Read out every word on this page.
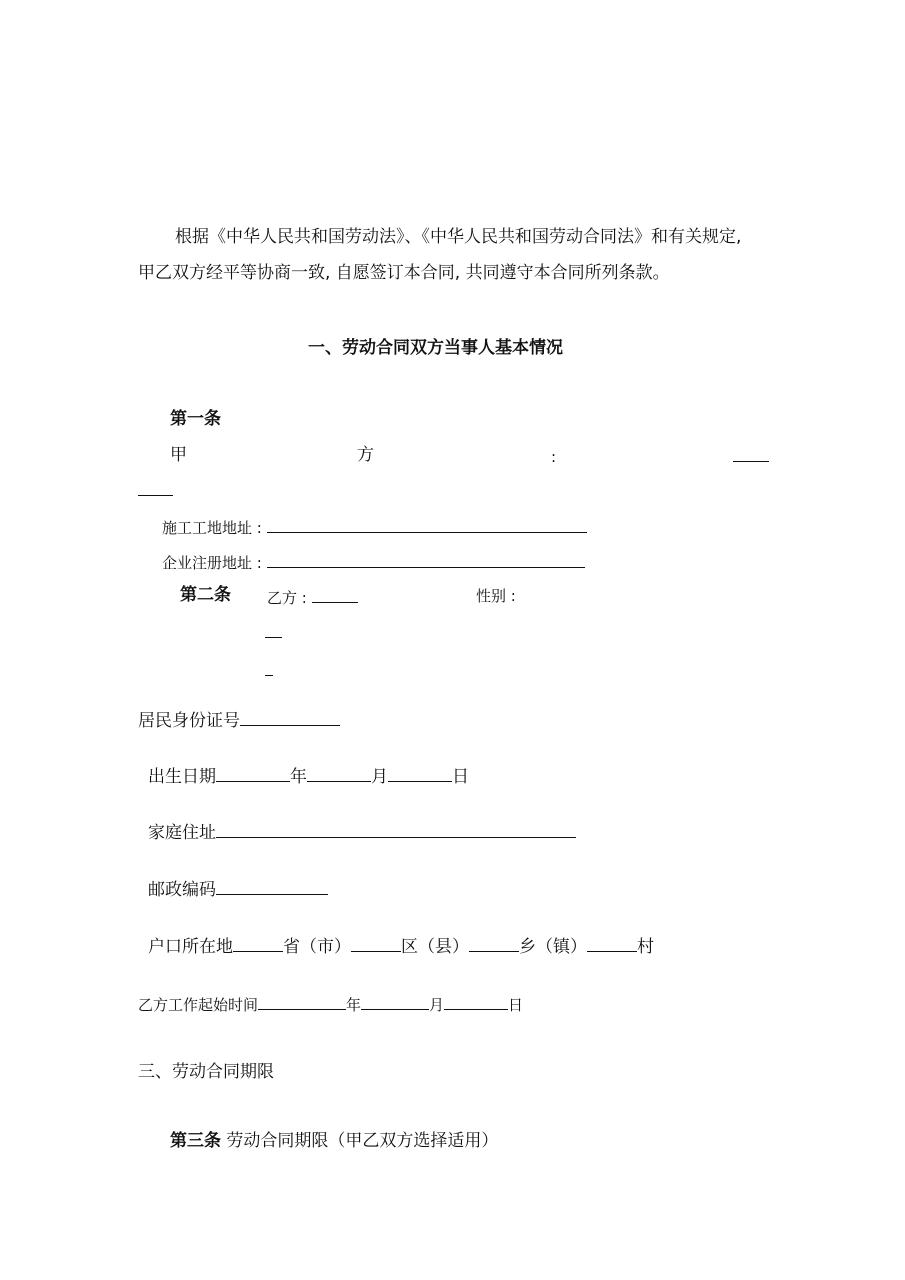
根据《中华人民共和国劳动法》、《中华人民共和国劳动合同法》和有关规定,
甲乙双方经平等协商一致, 自愿签订本合同, 共同遵守本合同所列条款。
一、劳动合同双方当事人基本情况
第一条
甲	方	:
施工工地地址 :
企业注册地址 :
第二条 乙方 :	性别 :
居民身份证号
出生日期	年	月	日
家庭住址
邮政编码
户口所在地	省（市）	区（县）	乡（镇）	村
乙方工作起始时间	年	月	日
三、劳动合同期限
第三条 劳动合同期限（甲乙双方选择适用）
